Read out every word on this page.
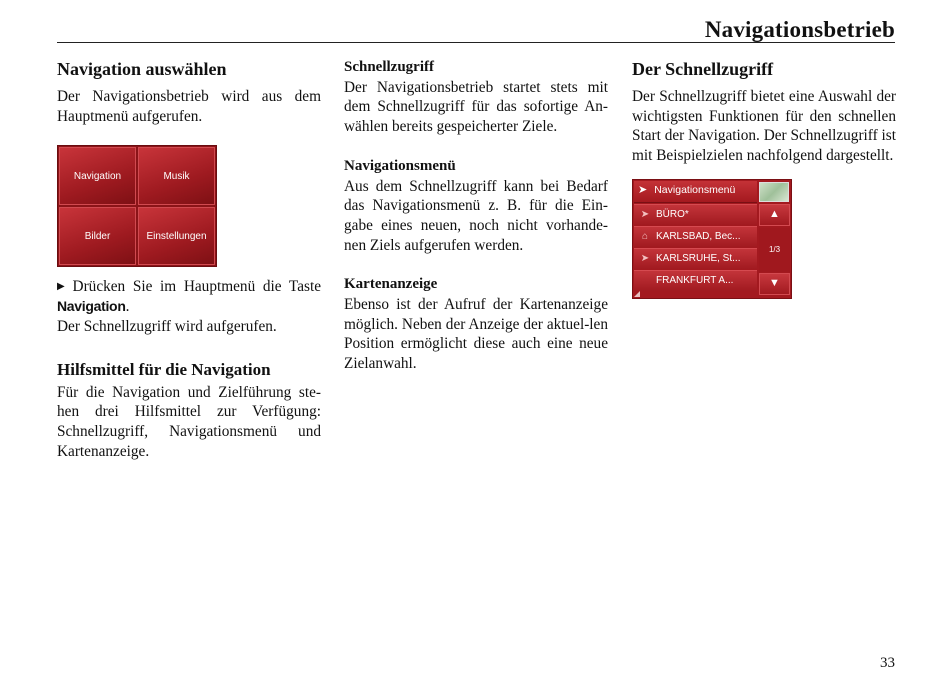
Navigationsbetrieb
Navigation auswählen

Der Navigationsbetrieb wird aus dem Hauptmenü aufgerufen.

Navigation	Musik
Bilder	Einstellungen

▶ Drücken Sie im Hauptmenü die Taste Navigation.

Der Schnellzugriff wird aufgerufen.

Hilfsmittel für die Navigation

Für die Navigation und Zielführung ste-hen drei Hilfsmittel zur Verfügung: Schnellzugriff, Navigationsmenü und Kartenanzeige.

Schnellzugriff

Der Navigationsbetrieb startet stets mit dem Schnellzugriff für das sofortige An-wählen bereits gespeicherter Ziele.

Navigationsmenü

Aus dem Schnellzugriff kann bei Bedarf das Navigationsmenü z. B. für die Ein-gabe eines neuen, noch nicht vorhande-nen Ziels aufgerufen werden.

Kartenanzeige

Ebenso ist der Aufruf der Kartenanzeige möglich. Neben der Anzeige der aktuel-len Position ermöglicht diese auch eine neue Zielanwahl.

Der Schnellzugriff

Der Schnellzugriff bietet eine Auswahl der wichtigsten Funktionen für den schnellen Start der Navigation. Der Schnellzugriff ist mit Beispielzielen nachfolgend dargestellt.

➤ Navigationsmenü
➤ BÜRO*
⌂ KARLSBAD, Bec...
➤ KARLSRUHE, St...
FRANKFURT A...
▲
1/3
▼
33
